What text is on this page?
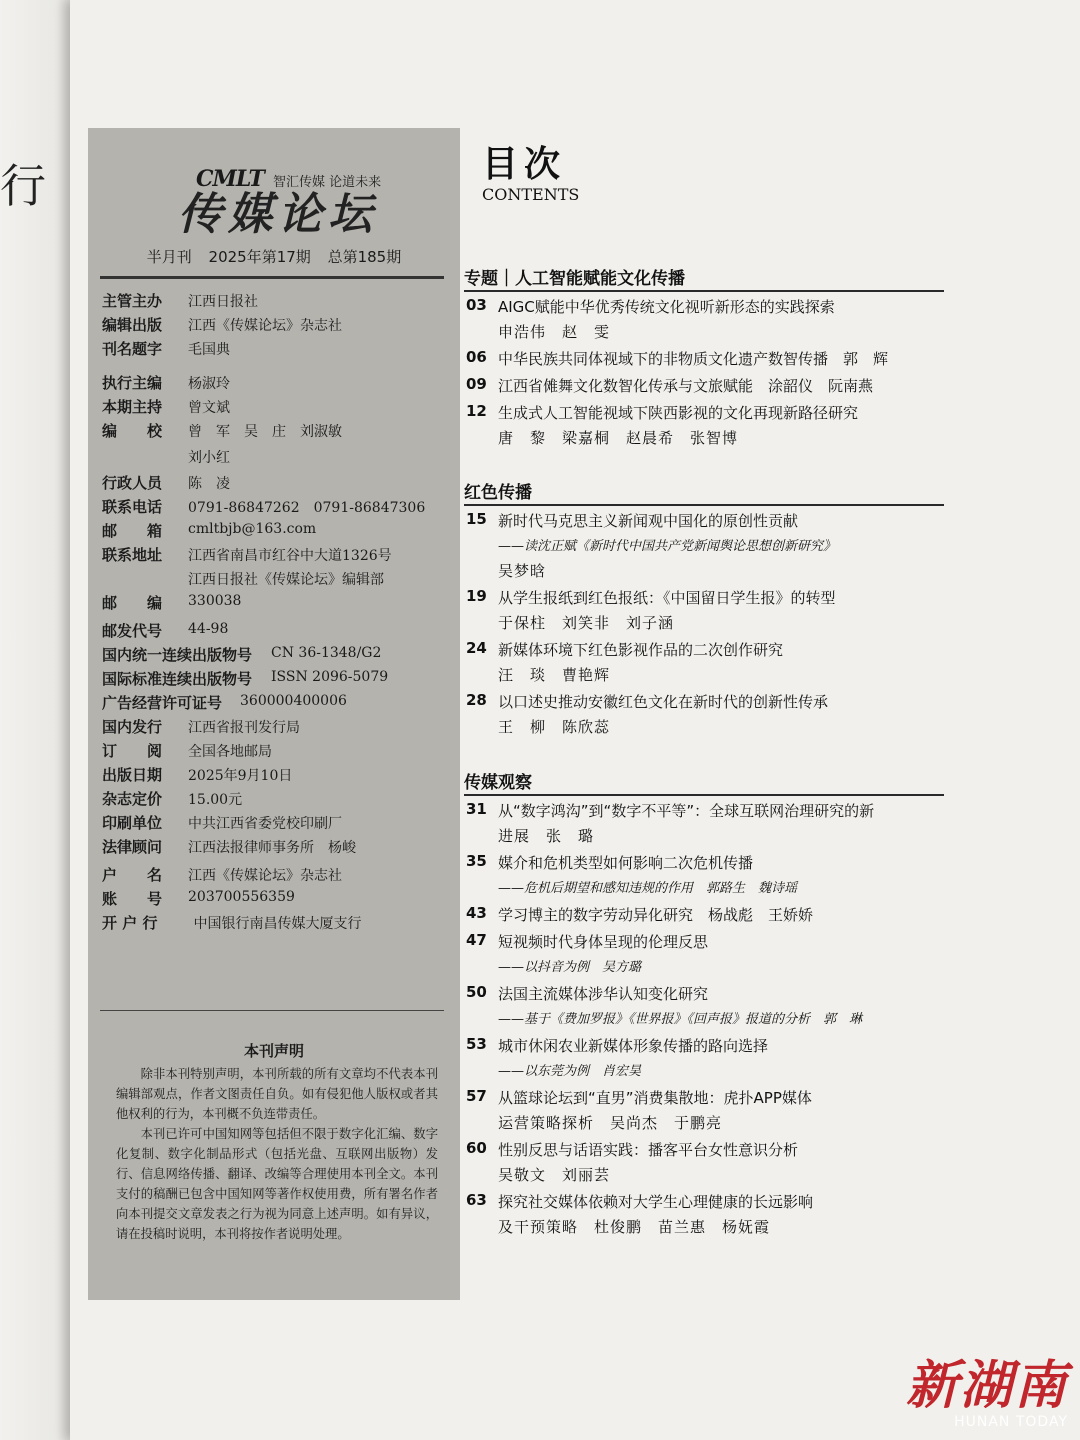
行	CMLT 智汇传媒 论道未来
传媒论坛
半月刊 2025年第17期 总第185期
主管主办 江西日报社
编辑出版 江西《传媒论坛》杂志社
刊名题字 毛国典
执行主编 杨淑玲
本期主持 曾文斌
编　　校 曾　军　吴　庄　刘淑敏
刘小红
行政人员 陈　凌
联系电话 0791-86847262　0791-86847306
邮　　箱 cmltbjb@163.com
联系地址 江西省南昌市红谷中大道1326号
江西日报社《传媒论坛》编辑部
邮　　编 330038
邮发代号 44-98
国内统一连续出版物号 CN 36-1348/G2
国际标准连续出版物号 ISSN 2096-5079
广告经营许可证号 360000400006
国内发行 江西省报刊发行局
订　　阅 全国各地邮局
出版日期 2025年9月10日
杂志定价 15.00元
印刷单位 中共江西省委党校印刷厂
法律顾问 江西法报律师事务所　杨峻
户　　名 江西《传媒论坛》杂志社
账　　号 203700556359
开 户 行	中国银行南昌传媒大厦支行
本刊声明

除非本刊特别声明，本刊所载的所有文章均不代表本刊编辑部观点，作者文图责任自负。如有侵犯他人版权或者其他权利的行为，本刊概不负连带责任。

本刊已许可中国知网等包括但不限于数字化汇编、数字化复制、数字化制品形式（包括光盘、互联网出版物）发行、信息网络传播、翻译、改编等合理使用本刊全文。本刊支付的稿酬已包含中国知网等著作权使用费，所有署名作者向本刊提交文章发表之行为视为同意上述声明。如有异议，请在投稿时说明，本刊将按作者说明处理。

目次
CONTENTS
专题｜人工智能赋能文化传播
03 AIGC赋能中华优秀传统文化视听新形态的实践探索
申浩伟　赵　雯
06 中华民族共同体视域下的非物质文化遗产数智传播　郭　辉
09 江西省傩舞文化数智化传承与文旅赋能　涂韶仪　阮南燕
12 生成式人工智能视域下陕西影视的文化再现新路径研究
唐　黎　梁嘉桐　赵晨希　张智博
红色传播
15 新时代马克思主义新闻观中国化的原创性贡献
——读沈正赋《新时代中国共产党新闻舆论思想创新研究》
吴梦晗
19 从学生报纸到红色报纸：《中国留日学生报》的转型
于保柱　刘笑非　刘子涵
24 新媒体环境下红色影视作品的二次创作研究
汪　琰　曹艳辉
28 以口述史推动安徽红色文化在新时代的创新性传承
王　柳　陈欣蕊
传媒观察
31 从“数字鸿沟”到“数字不平等”：全球互联网治理研究的新
进展　张　璐
35 媒介和危机类型如何影响二次危机传播
——危机后期望和感知违规的作用　郭路生　魏诗瑶
43 学习博主的数字劳动异化研究　杨战彪　王娇娇
47 短视频时代身体呈现的伦理反思
——以抖音为例　吴方璐
50 法国主流媒体涉华认知变化研究
——基于《费加罗报》《世界报》《回声报》报道的分析　郭　琳
53 城市休闲农业新媒体形象传播的路向选择
——以东莞为例　肖宏昊
57 从篮球论坛到“直男”消费集散地：虎扑APP媒体
运营策略探析　吴尚杰　于鹏亮
60 性别反思与话语实践：播客平台女性意识分析
吴敬文　刘丽芸
63 探究社交媒体依赖对大学生心理健康的长远影响
及干预策略　杜俊鹏　苗兰惠　杨妩霞
新湖南
HUNAN TODAY
